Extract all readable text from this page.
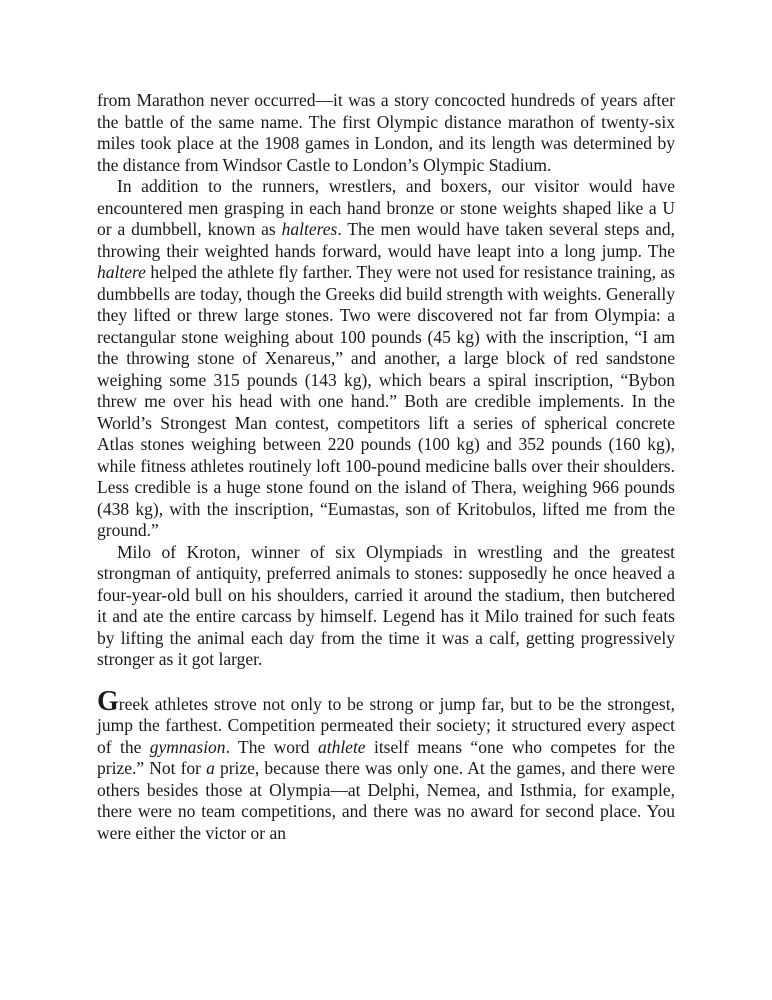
from Marathon never occurred—it was a story concocted hundreds of years after the battle of the same name. The first Olympic distance marathon of twenty-six miles took place at the 1908 games in London, and its length was determined by the distance from Windsor Castle to London’s Olympic Stadium.

In addition to the runners, wrestlers, and boxers, our visitor would have encountered men grasping in each hand bronze or stone weights shaped like a U or a dumbbell, known as halteres. The men would have taken several steps and, throwing their weighted hands forward, would have leapt into a long jump. The haltere helped the athlete fly farther. They were not used for resistance training, as dumbbells are today, though the Greeks did build strength with weights. Generally they lifted or threw large stones. Two were discovered not far from Olympia: a rectangular stone weighing about 100 pounds (45 kg) with the inscription, “I am the throwing stone of Xenareus,” and another, a large block of red sandstone weighing some 315 pounds (143 kg), which bears a spiral inscription, “Bybon threw me over his head with one hand.” Both are credible implements. In the World’s Strongest Man contest, competitors lift a series of spherical concrete Atlas stones weighing between 220 pounds (100 kg) and 352 pounds (160 kg), while fitness athletes routinely loft 100-pound medicine balls over their shoulders. Less credible is a huge stone found on the island of Thera, weighing 966 pounds (438 kg), with the inscription, “Eumastas, son of Kritobulos, lifted me from the ground.”

Milo of Kroton, winner of six Olympiads in wrestling and the greatest strongman of antiquity, preferred animals to stones: supposedly he once heaved a four-year-old bull on his shoulders, carried it around the stadium, then butchered it and ate the entire carcass by himself. Legend has it Milo trained for such feats by lifting the animal each day from the time it was a calf, getting progressively stronger as it got larger.

Greek athletes strove not only to be strong or jump far, but to be the strongest, jump the farthest. Competition permeated their society; it structured every aspect of the gymnasion. The word athlete itself means “one who competes for the prize.” Not for a prize, because there was only one. At the games, and there were others besides those at Olympia—at Delphi, Nemea, and Isthmia, for example, there were no team competitions, and there was no award for second place. You were either the victor or an
